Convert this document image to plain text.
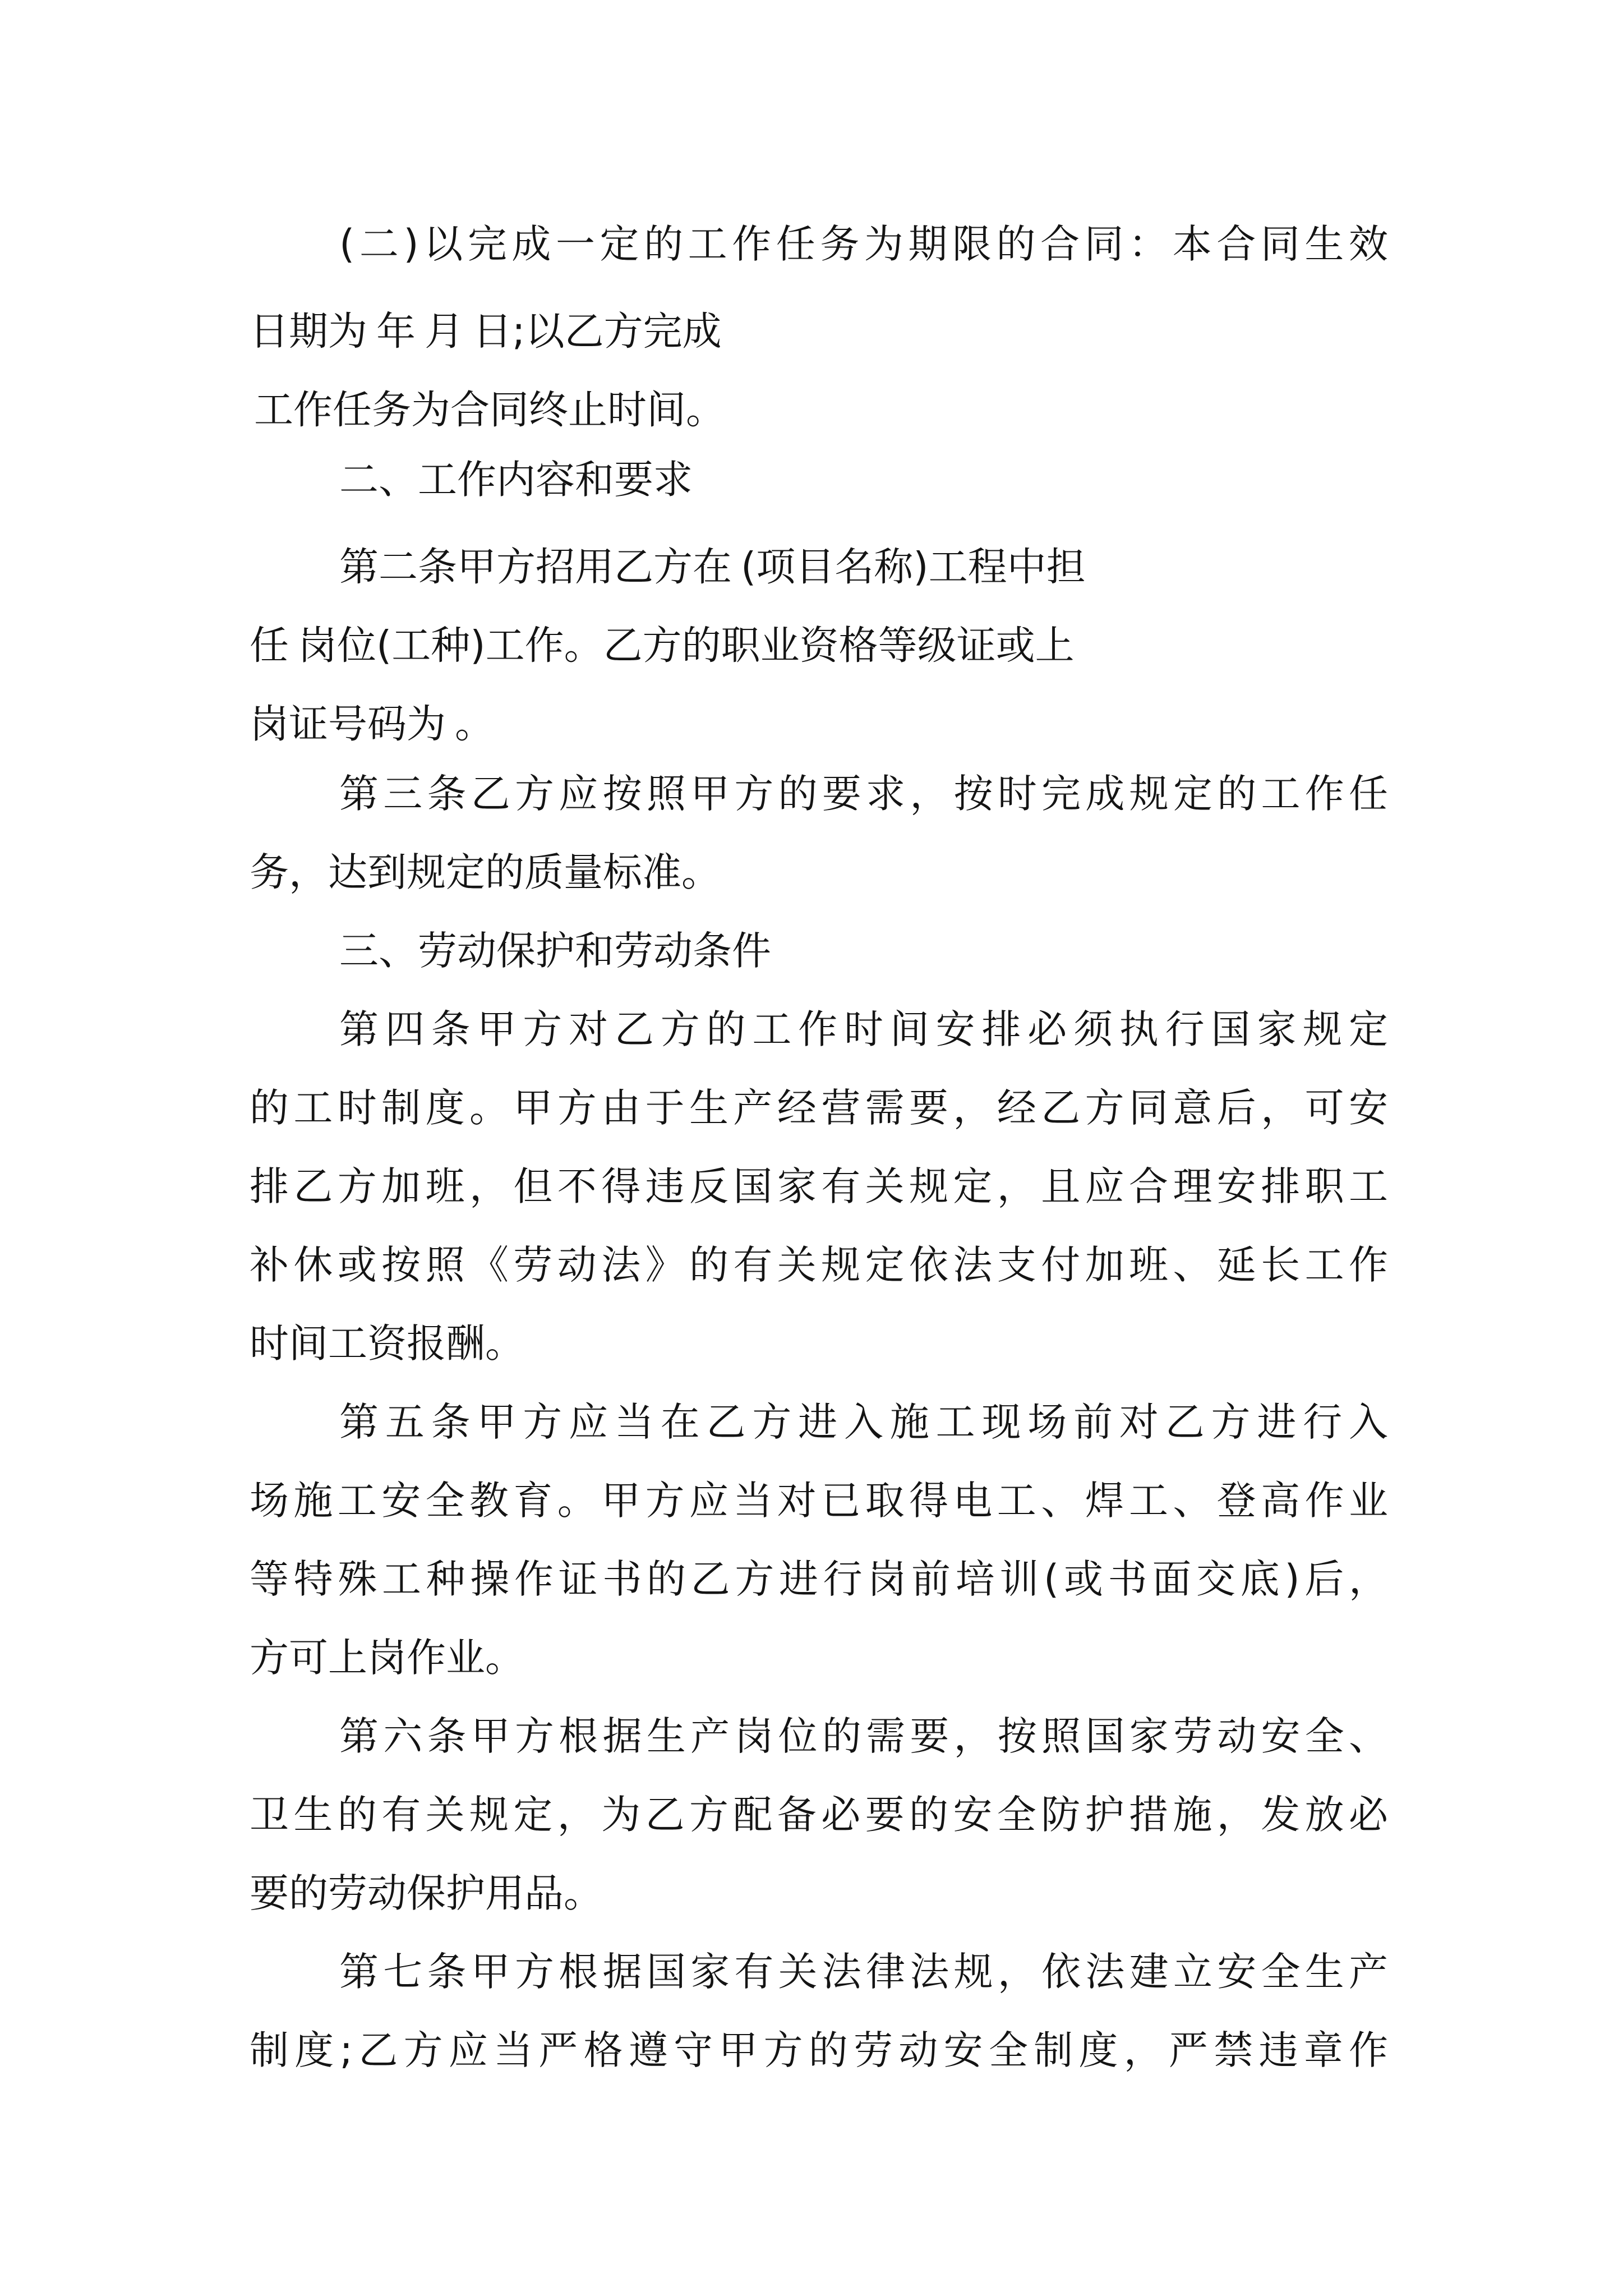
(二)以完成一定的工作任务为期限的合同：本合同生效
日期为 年 月 日;以乙方完成
工作任务为合同终止时间。
二、工作内容和要求
第二条甲方招用乙方在 (项目名称)工程中担
任 岗位(工种)工作。乙方的职业资格等级证或上
岗证号码为 。
第三条乙方应按照甲方的要求，按时完成规定的工作任
务，达到规定的质量标准。
三、劳动保护和劳动条件
第四条甲方对乙方的工作时间安排必须执行国家规定
的工时制度。甲方由于生产经营需要，经乙方同意后，可安
排乙方加班，但不得违反国家有关规定，且应合理安排职工
补休或按照《劳动法》的有关规定依法支付加班、延长工作
时间工资报酬。
第五条甲方应当在乙方进入施工现场前对乙方进行入
场施工安全教育。甲方应当对已取得电工、焊工、登高作业
等特殊工种操作证书的乙方进行岗前培训(或书面交底)后，
方可上岗作业。
第六条甲方根据生产岗位的需要，按照国家劳动安全、
卫生的有关规定，为乙方配备必要的安全防护措施，发放必
要的劳动保护用品。
第七条甲方根据国家有关法律法规，依法建立安全生产
制度;乙方应当严格遵守甲方的劳动安全制度，严禁违章作
